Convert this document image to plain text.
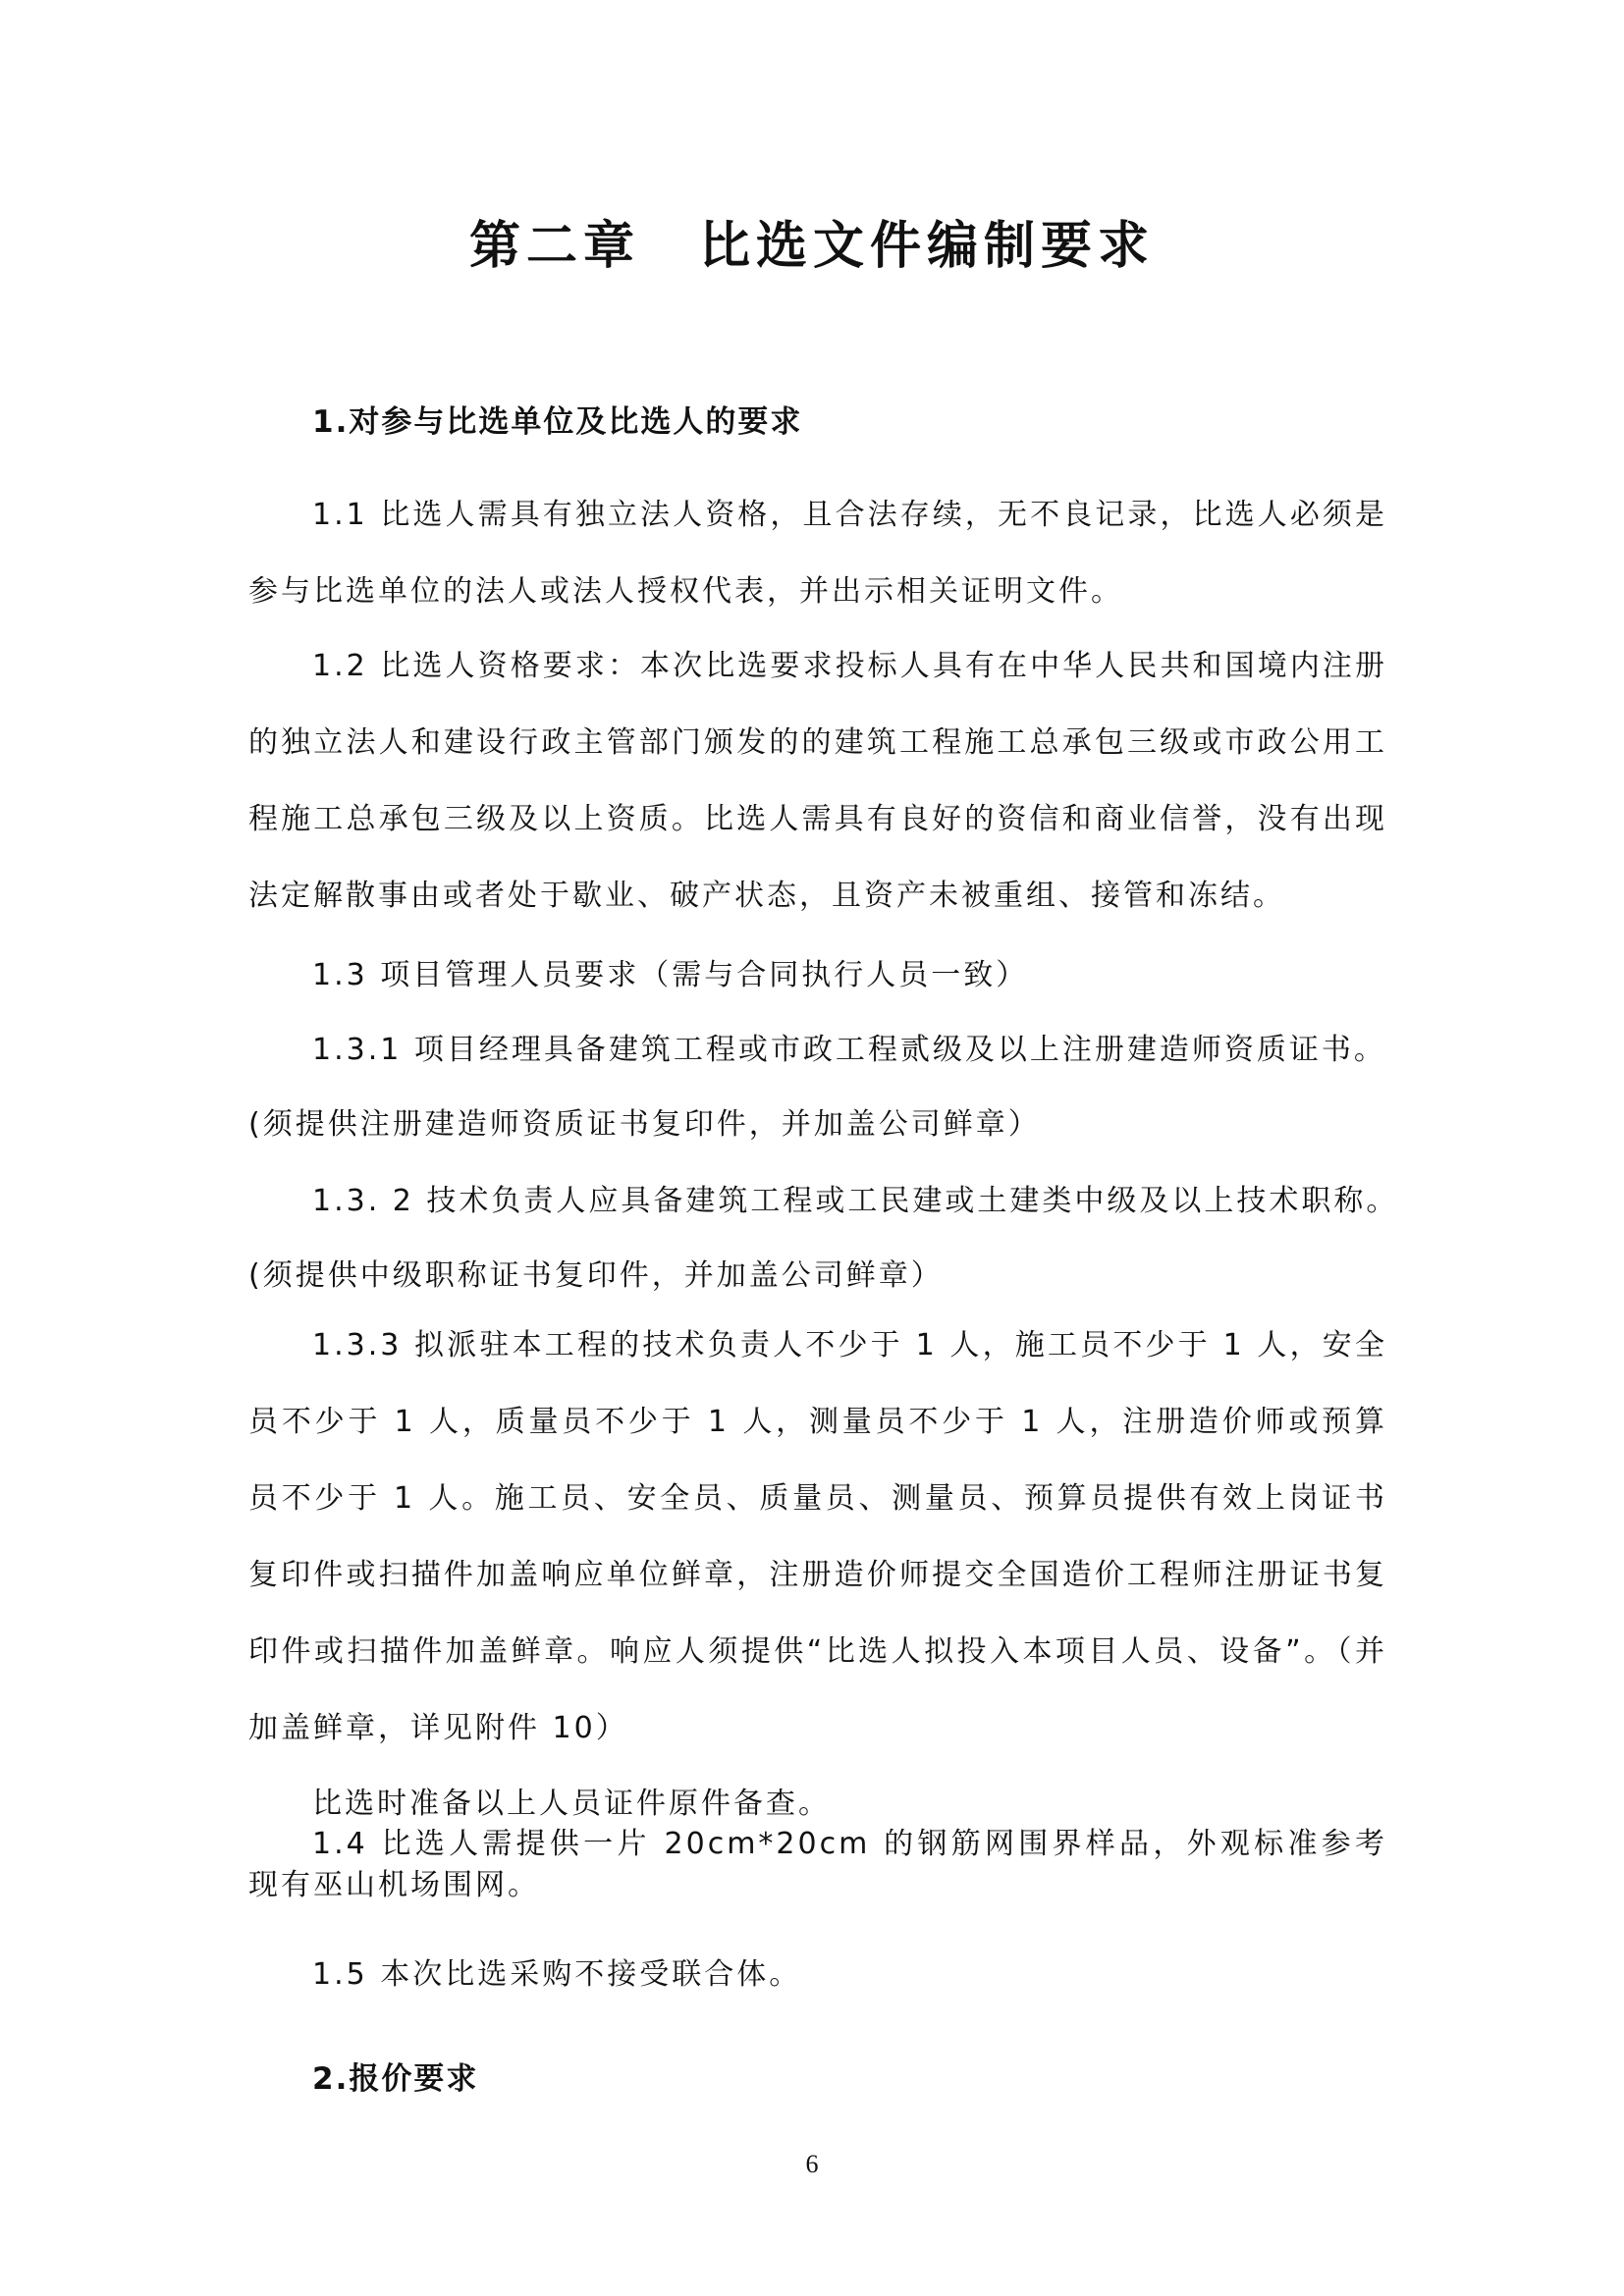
第二章 比选文件编制要求
1.对参与比选单位及比选人的要求

1.1 比选人需具有独立法人资格，且合法存续，无不良记录，比选人必须是参与比选单位的法人或法人授权代表，并出示相关证明文件。

1.2 比选人资格要求：本次比选要求投标人具有在中华人民共和国境内注册的独立法人和建设行政主管部门颁发的的建筑工程施工总承包三级或市政公用工程施工总承包三级及以上资质。比选人需具有良好的资信和商业信誉，没有出现法定解散事由或者处于歇业、破产状态，且资产未被重组、接管和冻结。

1.3 项目管理人员要求（需与合同执行人员一致）
1.3.1 项目经理具备建筑工程或市政工程贰级及以上注册建造师资质证书。
(须提供注册建造师资质证书复印件，并加盖公司鲜章）
1.3. 2 技术负责人应具备建筑工程或工民建或土建类中级及以上技术职称。
(须提供中级职称证书复印件，并加盖公司鲜章）

1.3.3 拟派驻本工程的技术负责人不少于 1 人，施工员不少于 1 人，安全员不少于 1 人，质量员不少于 1 人，测量员不少于 1 人，注册造价师或预算员不少于 1 人。施工员、安全员、质量员、测量员、预算员提供有效上岗证书复印件或扫描件加盖响应单位鲜章，注册造价师提交全国造价工程师注册证书复印件或扫描件加盖鲜章。响应人须提供“比选人拟投入本项目人员、设备”。（并加盖鲜章，详见附件 10）

比选时准备以上人员证件原件备查。

1.4 比选人需提供一片 20cm*20cm 的钢筋网围界样品，外观标准参考现有巫山机场围网。

1.5 本次比选采购不接受联合体。
2.报价要求
6
